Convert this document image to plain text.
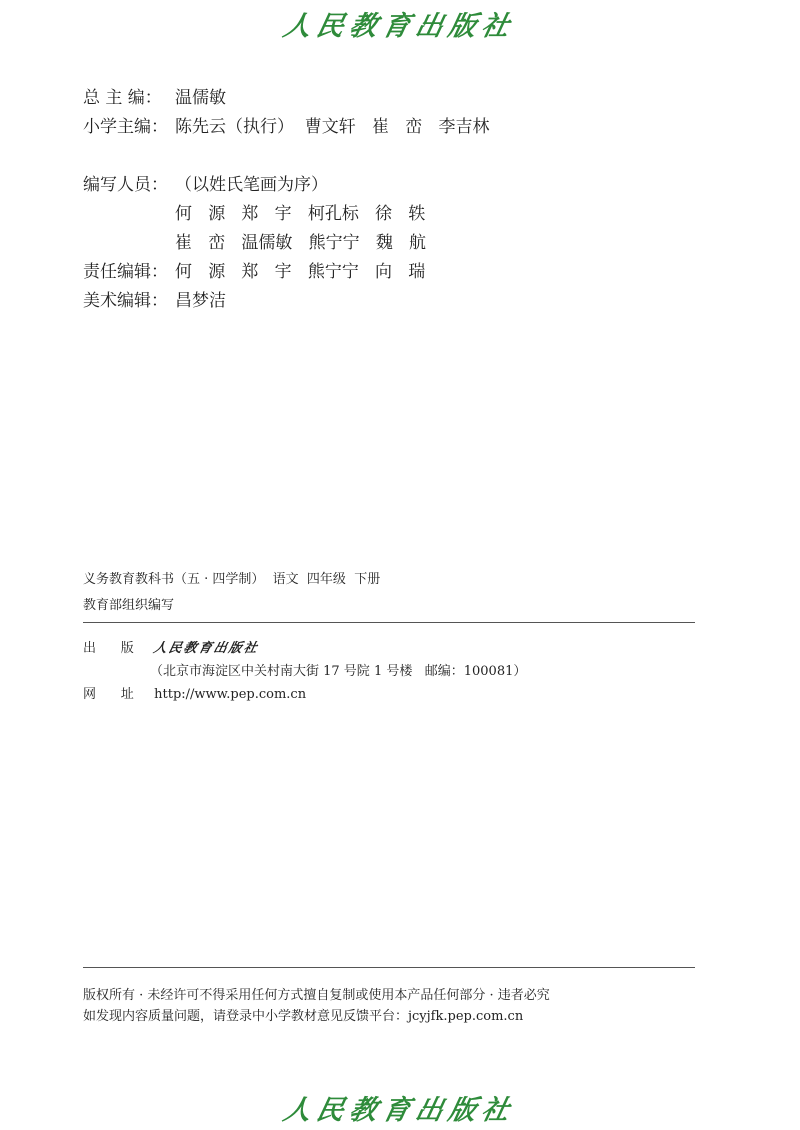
人民教育出版社
总 主 编： 温儒敏
小学主编： 陈先云（执行）  曹文轩   崔   峦   李吉林
编写人员： （以姓氏笔画为序）
何   源   郑   宇   柯孔标   徐   轶
崔   峦   温儒敏   熊宁宁   魏   航
责任编辑： 何   源   郑   宇   熊宁宁   向   瑞
美术编辑： 昌梦洁
义务教育教科书（五 · 四学制）  语文  四年级  下册
教育部组织编写
出      版 人民教育出版社
（北京市海淀区中关村南大街 17 号院 1 号楼   邮编：100081）
网      址 http://www.pep.com.cn
版权所有 · 未经许可不得采用任何方式擅自复制或使用本产品任何部分 · 违者必究
如发现内容质量问题，请登录中小学教材意见反馈平台：jcyjfk.pep.com.cn
人民教育出版社
